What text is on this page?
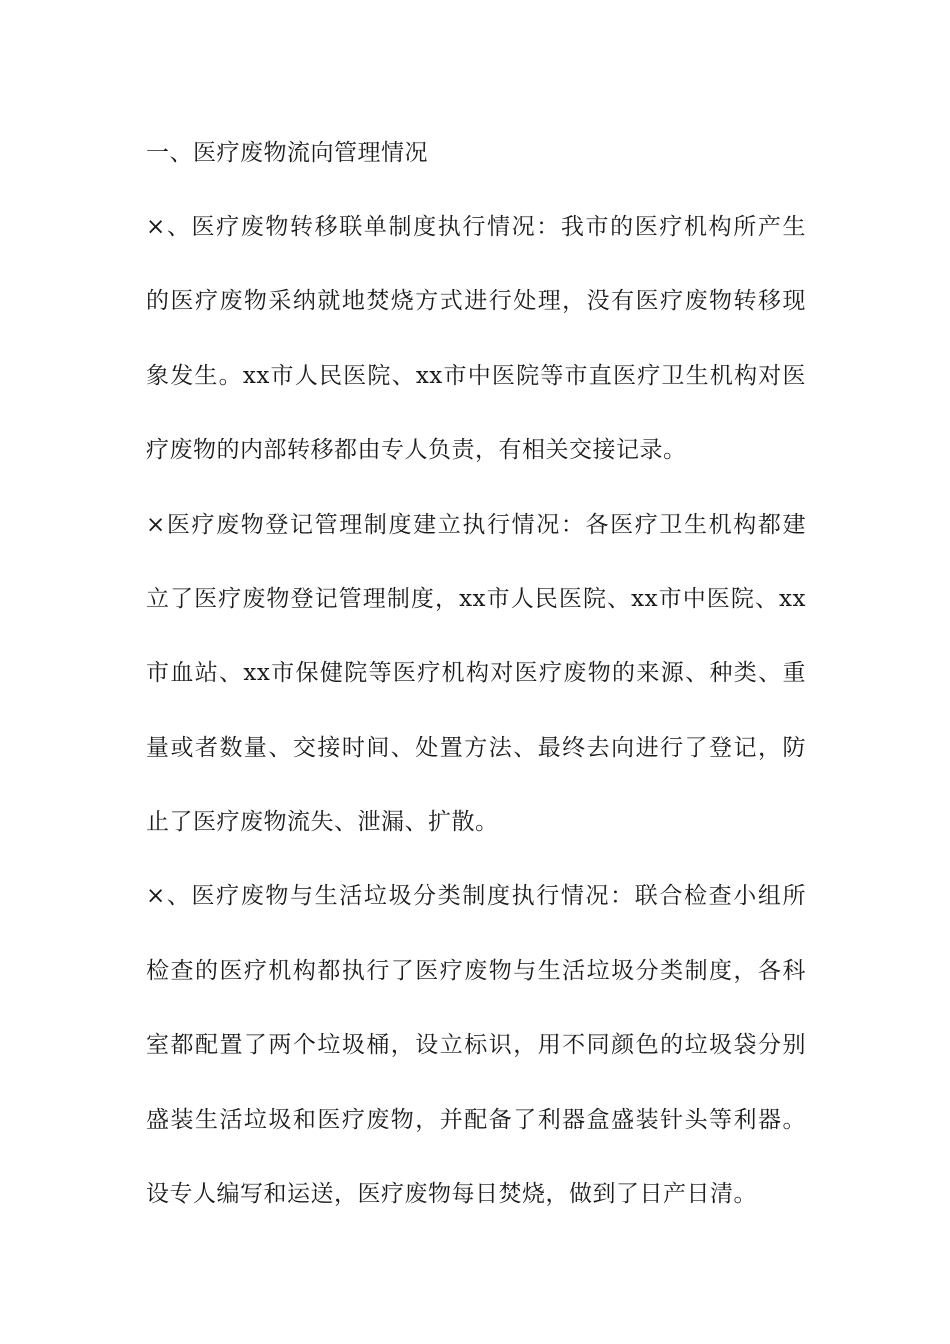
一、医疗废物流向管理情况
×、医疗废物转移联单制度执行情况：我市的医疗机构所产生
的医疗废物采纳就地焚烧方式进行处理，没有医疗废物转移现
象发生。xx市人民医院、xx市中医院等市直医疗卫生机构对医
疗废物的内部转移都由专人负责，有相关交接记录。
×医疗废物登记管理制度建立执行情况：各医疗卫生机构都建
立了医疗废物登记管理制度，xx市人民医院、xx市中医院、xx
市血站、xx市保健院等医疗机构对医疗废物的来源、种类、重
量或者数量、交接时间、处置方法、最终去向进行了登记，防
止了医疗废物流失、泄漏、扩散。
×、医疗废物与生活垃圾分类制度执行情况：联合检查小组所
检查的医疗机构都执行了医疗废物与生活垃圾分类制度，各科
室都配置了两个垃圾桶，设立标识，用不同颜色的垃圾袋分别
盛装生活垃圾和医疗废物，并配备了利器盒盛装针头等利器。
设专人编写和运送，医疗废物每日焚烧，做到了日产日清。
